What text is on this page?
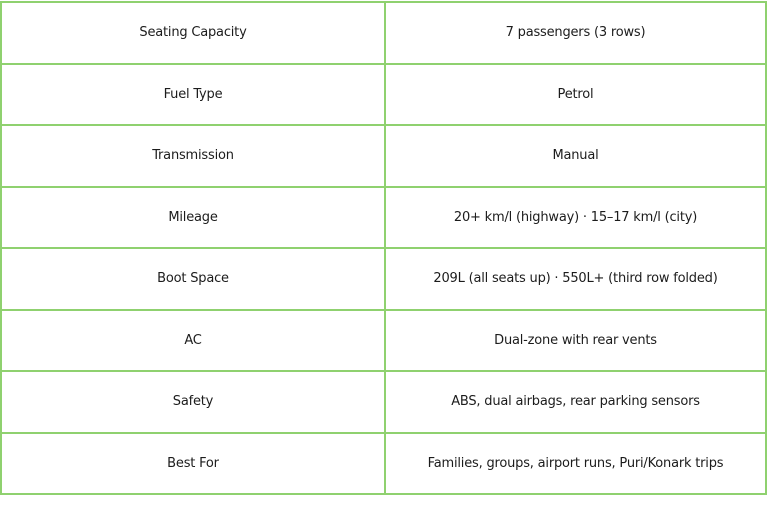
Seating Capacity	7 passengers (3 rows)
Fuel Type	Petrol
Transmission	Manual
Mileage	20+ km/l (highway) · 15–17 km/l (city)
Boot Space	209L (all seats up) · 550L+ (third row folded)
AC	Dual-zone with rear vents
Safety	ABS, dual airbags, rear parking sensors
Best For	Families, groups, airport runs, Puri/Konark trips
